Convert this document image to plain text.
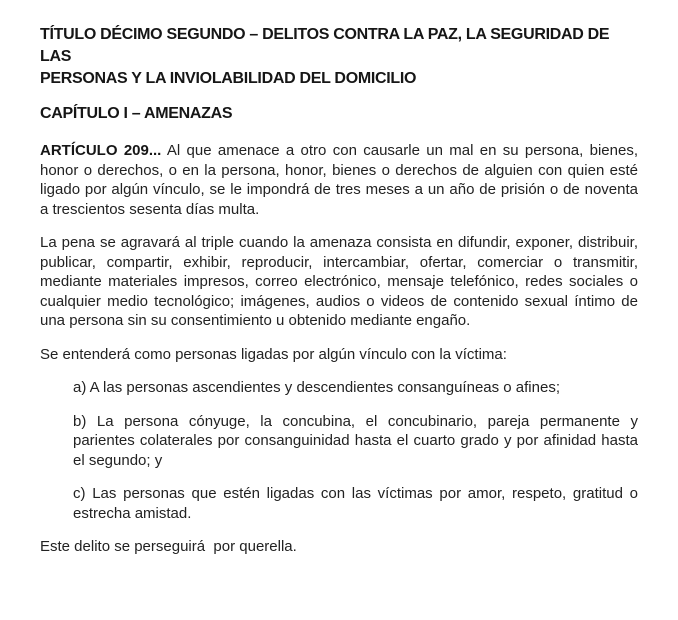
TÍTULO DÉCIMO SEGUNDO – DELITOS CONTRA LA PAZ, LA SEGURIDAD DE LAS
PERSONAS Y LA INVIOLABILIDAD DEL DOMICILIO
CAPÍTULO I – AMENAZAS

ARTÍCULO 209... Al que amenace a otro con causarle un mal en su persona, bienes, honor o derechos, o en la persona, honor, bienes o derechos de alguien con quien esté ligado por algún vínculo, se le impondrá de tres meses a un año de prisión o de noventa a trescientos sesenta días multa.

La pena se agravará al triple cuando la amenaza consista en difundir, exponer, distribuir, publicar, compartir, exhibir, reproducir, intercambiar, ofertar, comerciar o transmitir, mediante materiales impresos, correo electrónico, mensaje telefónico, redes sociales o cualquier medio tecnológico; imágenes, audios o videos de contenido sexual íntimo de una persona sin su consentimiento u obtenido mediante engaño.

Se entenderá como personas ligadas por algún vínculo con la víctima:

a) A las personas ascendientes y descendientes consanguíneas o afines;

b) La persona cónyuge, la concubina, el concubinario, pareja permanente y parientes colaterales por consanguinidad hasta el cuarto grado y por afinidad hasta el segundo; y

c) Las personas que estén ligadas con las víctimas por amor, respeto, gratitud o estrecha amistad.

Este delito se perseguirá  por querella.
